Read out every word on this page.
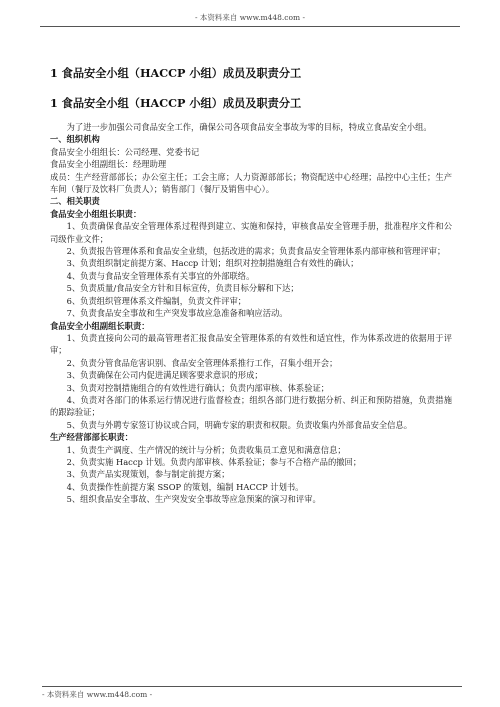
- 本资料来自 www.m448.com -
1 食品安全小组（HACCP 小组）成员及职责分工
1 食品安全小组（HACCP 小组）成员及职责分工

为了进一步加强公司食品安全工作，确保公司各项食品安全事故为零的目标，特成立食品安全小组。

一、组织机构

食品安全小组组长：公司经理、党委书记

食品安全小组副组长：经理助理

成员：生产经营部部长；办公室主任；工会主席；人力资源部部长；物资配送中心经理；品控中心主任；生产车间（餐厅及饮料厂负责人）；销售部门（餐厅及销售中心）。

二、相关职责

食品安全小组组长职责：

1、负责确保食品安全管理体系过程得到建立、实施和保持，审核食品安全管理手册，批准程序文件和公司级作业文件；

2、负责报告管理体系和食品安全业绩，包括改进的需求；负责食品安全管理体系内部审核和管理评审；

3、负责组织制定前提方案、Haccp 计划；组织对控制措施组合有效性的确认；

4、负责与食品安全管理体系有关事宜的外部联络。

5、负责质量/食品安全方针和目标宣传，负责目标分解和下达；

6、负责组织管理体系文件编制，负责文件评审；

7、负责食品安全事故和生产突发事故应急准备和响应活动。

食品安全小组副组长职责：

1、负责直接向公司的最高管理者汇报食品安全管理体系的有效性和适宜性，作为体系改进的依据用于评审；

2、负责分管食品危害识别、食品安全管理体系推行工作，召集小组开会；

3、负责确保在公司内促进满足顾客要求意识的形成；

3、负责对控制措施组合的有效性进行确认；负责内部审核、体系验证；

4、负责对各部门的体系运行情况进行监督检查；组织各部门进行数据分析、纠正和预防措施，负责措施的跟踪验证；

5、负责与外聘专家签订协议或合同，明确专家的职责和权限。负责收集内外部食品安全信息。

生产经营部部长职责：

1、负责生产调度、生产情况的统计与分析；负责收集员工意见和满意信息；

2、负责实施 Haccp 计划。负责内部审核、体系验证；参与不合格产品的撤回；

3、负责产品实现策划，参与制定前提方案；

4、负责操作性前提方案 SSOP 的策划，编制 HACCP 计划书。

5、组织食品安全事故、生产突发安全事故等应急预案的演习和评审。

- 本资料来自 www.m448.com -
